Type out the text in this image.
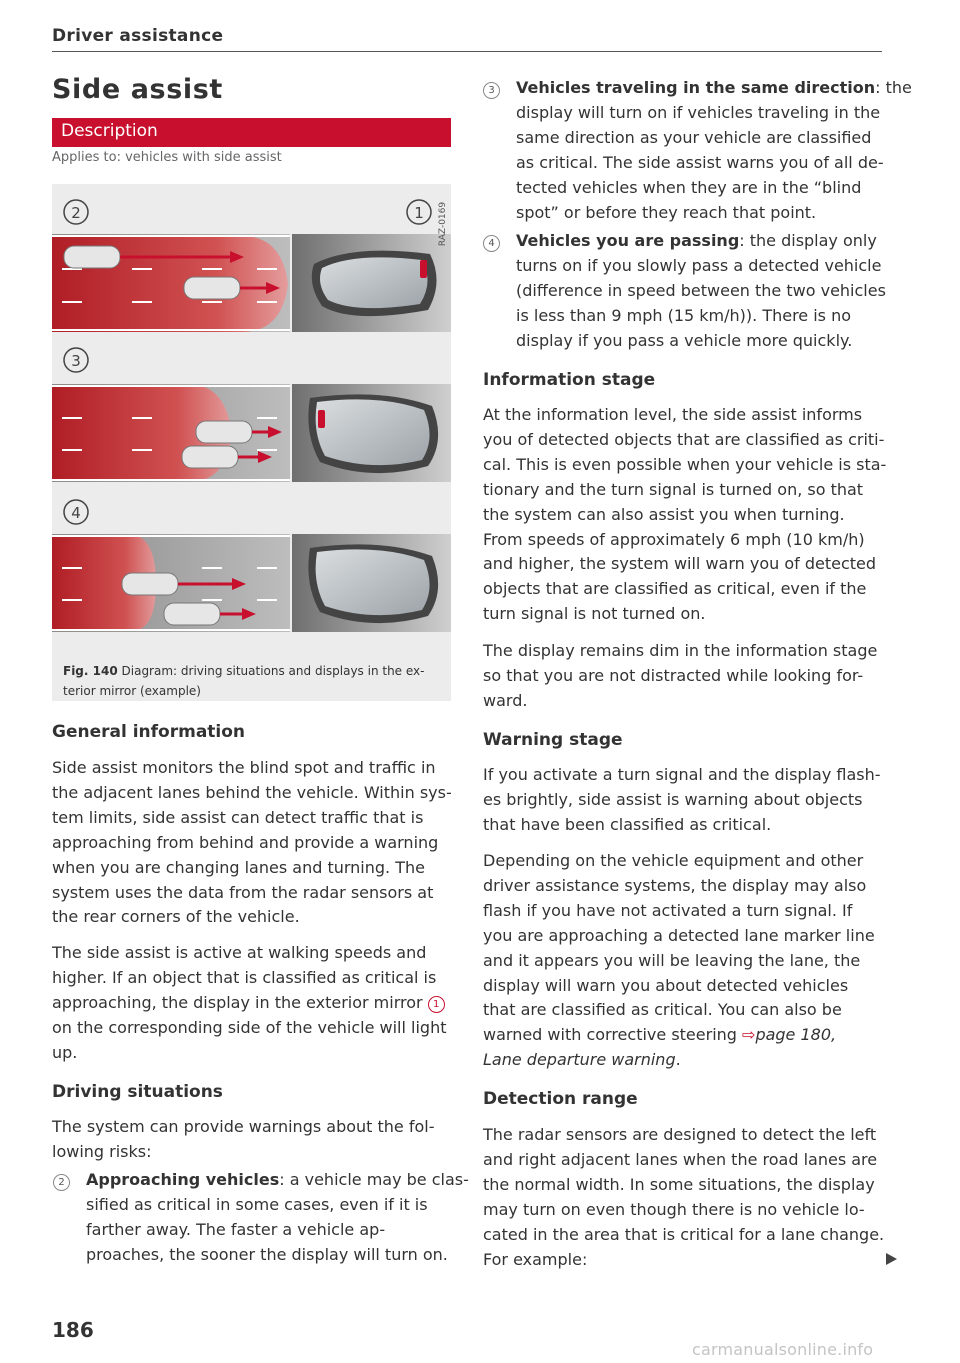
Driver assistance
Side assist
Description
Applies to: vehicles with side assist
1
2
3
4
RAZ-0169
Fig. 140 Diagram: driving situations and displays in the ex-
terior mirror (example)
General information
Side assist monitors the blind spot and traffic in
the adjacent lanes behind the vehicle. Within sys-
tem limits, side assist can detect traffic that is
approaching from behind and provide a warning
when you are changing lanes and turning. The
system uses the data from the radar sensors at
the rear corners of the vehicle.
The side assist is active at walking speeds and
higher. If an object that is classified as critical is
approaching, the display in the exterior mirror 1
on the corresponding side of the vehicle will light
up.
Driving situations
The system can provide warnings about the fol-
lowing risks:
2	Approaching vehicles: a vehicle may be clas-
sified as critical in some cases, even if it is
farther away. The faster a vehicle ap-
proaches, the sooner the display will turn on.
186
3	Vehicles traveling in the same direction: the
display will turn on if vehicles traveling in the
same direction as your vehicle are classified
as critical. The side assist warns you of all de-
tected vehicles when they are in the “blind
spot” or before they reach that point.
4	Vehicles you are passing: the display only
turns on if you slowly pass a detected vehicle
(difference in speed between the two vehicles
is less than 9 mph (15 km/h)). There is no
display if you pass a vehicle more quickly.
Information stage
At the information level, the side assist informs
you of detected objects that are classified as criti-
cal. This is even possible when your vehicle is sta-
tionary and the turn signal is turned on, so that
the system can also assist you when turning.
From speeds of approximately 6 mph (10 km/h)
and higher, the system will warn you of detected
objects that are classified as critical, even if the
turn signal is not turned on.
The display remains dim in the information stage
so that you are not distracted while looking for-
ward.
Warning stage
If you activate a turn signal and the display flash-
es brightly, side assist is warning about objects
that have been classified as critical.
Depending on the vehicle equipment and other
driver assistance systems, the display may also
flash if you have not activated a turn signal. If
you are approaching a detected lane marker line
and it appears you will be leaving the lane, the
display will warn you about detected vehicles
that are classified as critical. You can also be
warned with corrective steering ⇨page 180,
Lane departure warning.
Detection range
The radar sensors are designed to detect the left
and right adjacent lanes when the road lanes are
the normal width. In some situations, the display
may turn on even though there is no vehicle lo-
cated in the area that is critical for a lane change.
For example:
carmanualsonline.info
